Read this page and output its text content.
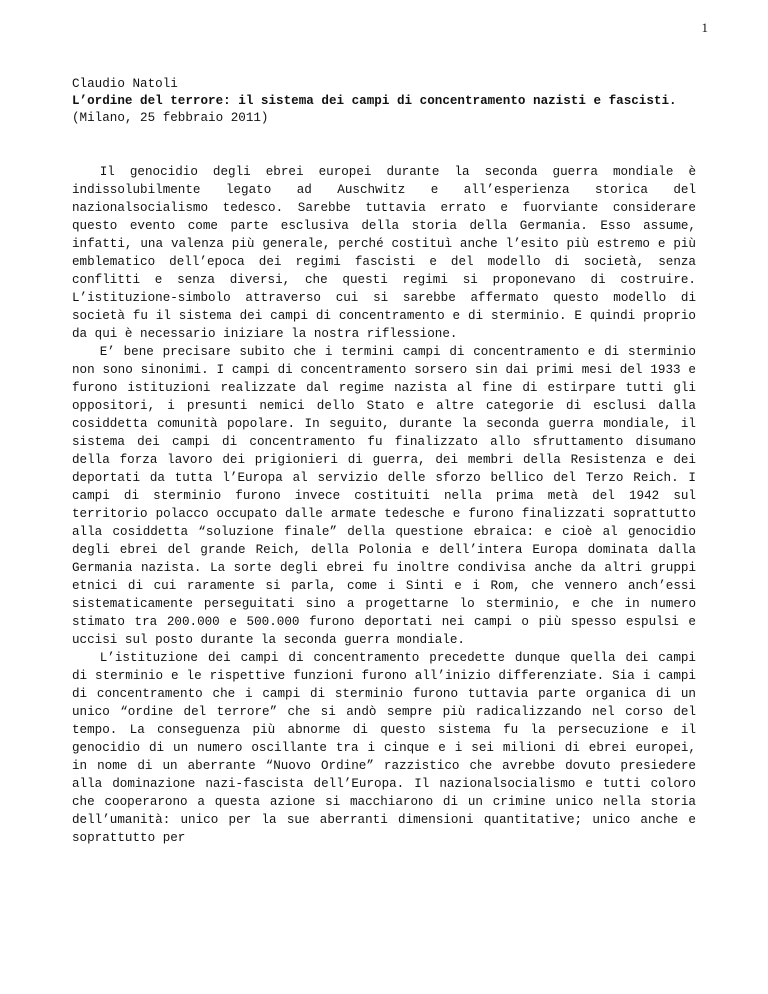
1
Claudio Natoli
L’ordine del terrore: il sistema dei campi di concentramento nazisti e fascisti.
(Milano, 25 febbraio 2011)

Il genocidio degli ebrei europei durante la seconda guerra mondiale è indissolubilmente legato ad Auschwitz e all’esperienza storica del nazionalsocialismo tedesco. Sarebbe tuttavia errato e fuorviante considerare questo evento come parte esclusiva della storia della Germania. Esso assume, infatti, una valenza più generale, perché costituì anche l’esito più estremo e più emblematico dell’epoca dei regimi fascisti e del modello di società, senza conflitti e senza diversi, che questi regimi si proponevano di costruire. L’istituzione-simbolo attraverso cui si sarebbe affermato questo modello di società fu il sistema dei campi di concentramento e di sterminio. E quindi proprio da qui è necessario iniziare la nostra riflessione.

E’ bene precisare subito che i termini campi di concentramento e di sterminio non sono sinonimi. I campi di concentramento sorsero sin dai primi mesi del 1933 e furono istituzioni realizzate dal regime nazista al fine di estirpare tutti gli oppositori, i presunti nemici dello Stato e altre categorie di esclusi dalla cosiddetta comunità popolare. In seguito, durante la seconda guerra mondiale, il sistema dei campi di concentramento fu finalizzato allo sfruttamento disumano della forza lavoro dei prigionieri di guerra, dei membri della Resistenza e dei deportati da tutta l’Europa al servizio delle sforzo bellico del Terzo Reich. I campi di sterminio furono invece costituiti nella prima metà del 1942 sul territorio polacco occupato dalle armate tedesche e furono finalizzati soprattutto alla cosiddetta “soluzione finale” della questione ebraica: e cioè al genocidio degli ebrei del grande Reich, della Polonia e dell’intera Europa dominata dalla Germania nazista. La sorte degli ebrei fu inoltre condivisa anche da altri gruppi etnici di cui raramente si parla, come i Sinti e i Rom, che vennero anch’essi sistematicamente perseguitati sino a progettarne lo sterminio, e che in numero stimato tra 200.000 e 500.000 furono deportati nei campi o più spesso espulsi e uccisi sul posto durante la seconda guerra mondiale.

L’istituzione dei campi di concentramento precedette dunque quella dei campi di sterminio e le rispettive funzioni furono all’inizio differenziate. Sia i campi di concentramento che i campi di sterminio furono tuttavia parte organica di un unico “ordine del terrore” che si andò sempre più radicalizzando nel corso del tempo. La conseguenza più abnorme di questo sistema fu la persecuzione e il genocidio di un numero oscillante tra i cinque e i sei milioni di ebrei europei, in nome di un aberrante “Nuovo Ordine” razzistico che avrebbe dovuto presiedere alla dominazione nazi-fascista dell’Europa. Il nazionalsocialismo e tutti coloro che cooperarono a questa azione si macchiarono di un crimine unico nella storia dell’umanità: unico per la sue aberranti dimensioni quantitative; unico anche e soprattutto per
